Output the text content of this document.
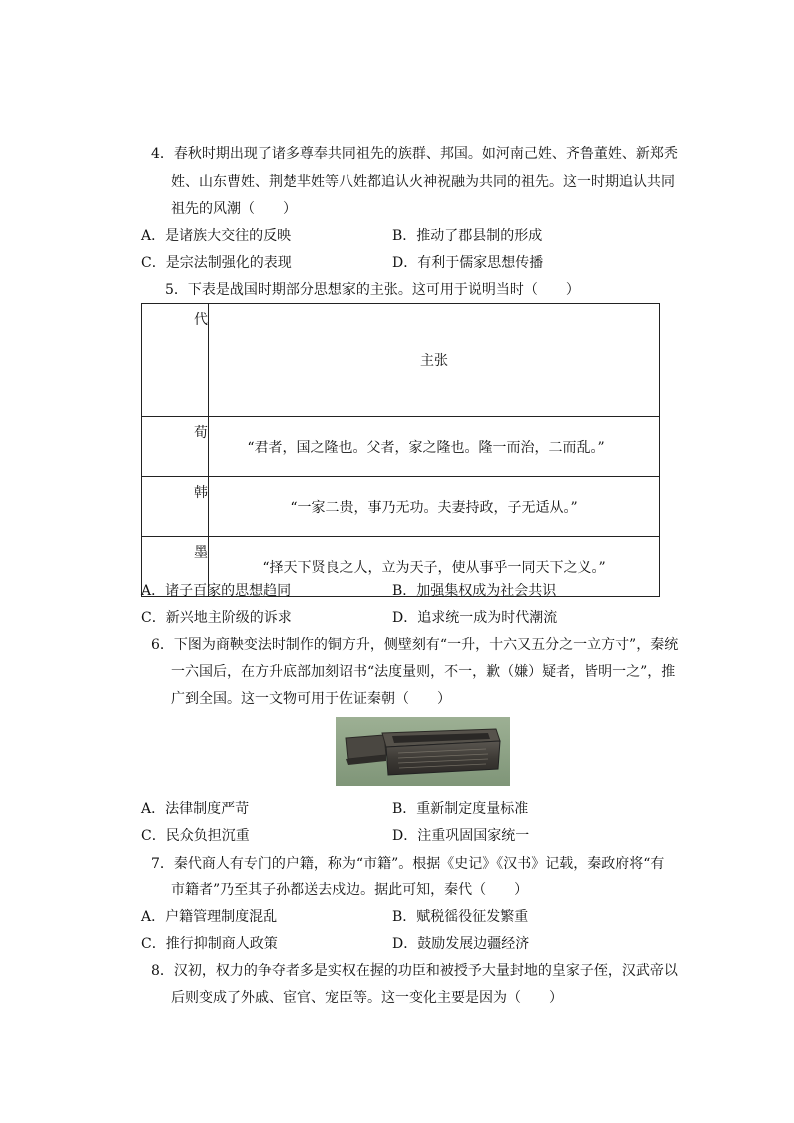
4．春秋时期出现了诸多尊奉共同祖先的族群、邦国。如河南己姓、齐鲁董姓、新郑秃
姓、山东曹姓、荆楚芈姓等八姓都追认火神祝融为共同的祖先。这一时期追认共同
祖先的风潮（　　）
A．是诸族大交往的反映	B．推动了郡县制的形成
C．是宗法制强化的表现	D．有利于儒家思想传播
5．下表是战国时期部分思想家的主张。这可用于说明当时（　　）
代	主张
荀	“君者，国之隆也。父者，家之隆也。隆一而治，二而乱。”
韩	“一家二贵，事乃无功。夫妻持政，子无适从。”
墨	“择天下贤良之人，立为天子，使从事乎一同天下之义。”
A．诸子百家的思想趋同	B．加强集权成为社会共识
C．新兴地主阶级的诉求	D．追求统一成为时代潮流
6．下图为商鞅变法时制作的铜方升，侧壁刻有“一升，十六又五分之一立方寸”，秦统
一六国后，在方升底部加刻诏书“法度量则，不一，歉（嫌）疑者，皆明一之”，推
广到全国。这一文物可用于佐证秦朝（　　）
A．法律制度严苛	B．重新制定度量标准
C．民众负担沉重	D．注重巩固国家统一
7．秦代商人有专门的户籍，称为“市籍”。根据《史记》《汉书》记载，秦政府将“有
市籍者”乃至其子孙都送去戍边。据此可知，秦代（　　）
A．户籍管理制度混乱	B．赋税徭役征发繁重
C．推行抑制商人政策	D．鼓励发展边疆经济
8．汉初，权力的争夺者多是实权在握的功臣和被授予大量封地的皇家子侄，汉武帝以
后则变成了外戚、宦官、宠臣等。这一变化主要是因为（　　）
